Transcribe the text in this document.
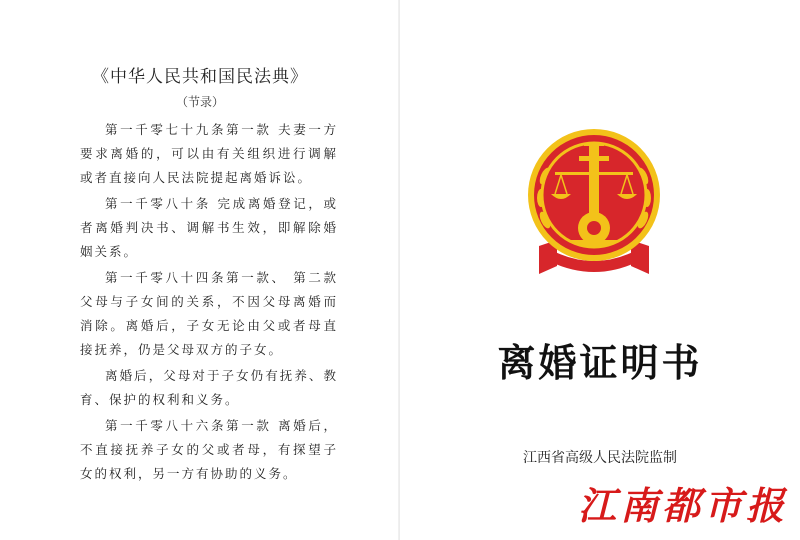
《中华人民共和国民法典》
（节录）

第一千零七十九条第一款 夫妻一方要求离婚的，可以由有关组织进行调解或者直接向人民法院提起离婚诉讼。

第一千零八十条 完成离婚登记，或者离婚判决书、调解书生效，即解除婚姻关系。

第一千零八十四条第一款、 第二款 父母与子女间的关系，不因父母离婚而消除。离婚后，子女无论由父或者母直接抚养，仍是父母双方的子女。

离婚后，父母对于子女仍有抚养、教育、保护的权利和义务。

第一千零八十六条第一款 离婚后，不直接抚养子女的父或者母，有探望子女的权利，另一方有协助的义务。

离婚证明书
江西省高级人民法院监制
江南都市报
